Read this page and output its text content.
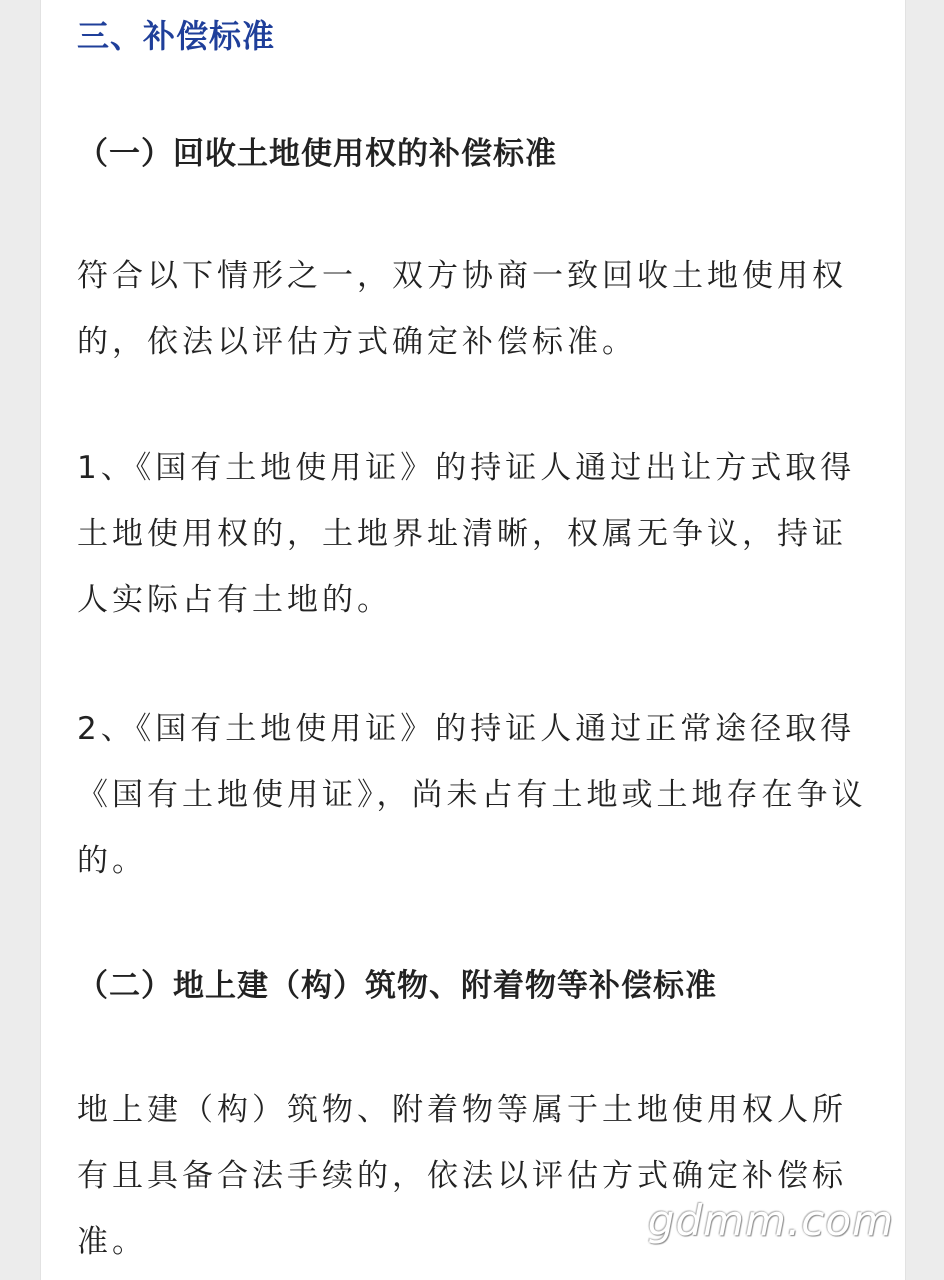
三、补偿标准
（一）回收土地使用权的补偿标准

符合以下情形之一，双方协商一致回收土地使用权的，依法以评估方式确定补偿标准。

1、《国有土地使用证》的持证人通过出让方式取得土地使用权的，土地界址清晰，权属无争议，持证人实际占有土地的。

2、《国有土地使用证》的持证人通过正常途径取得《国有土地使用证》，尚未占有土地或土地存在争议的。

（二）地上建（构）筑物、附着物等补偿标准

地上建（构）筑物、附着物等属于土地使用权人所有且具备合法手续的，依法以评估方式确定补偿标准。	gdmm.com
